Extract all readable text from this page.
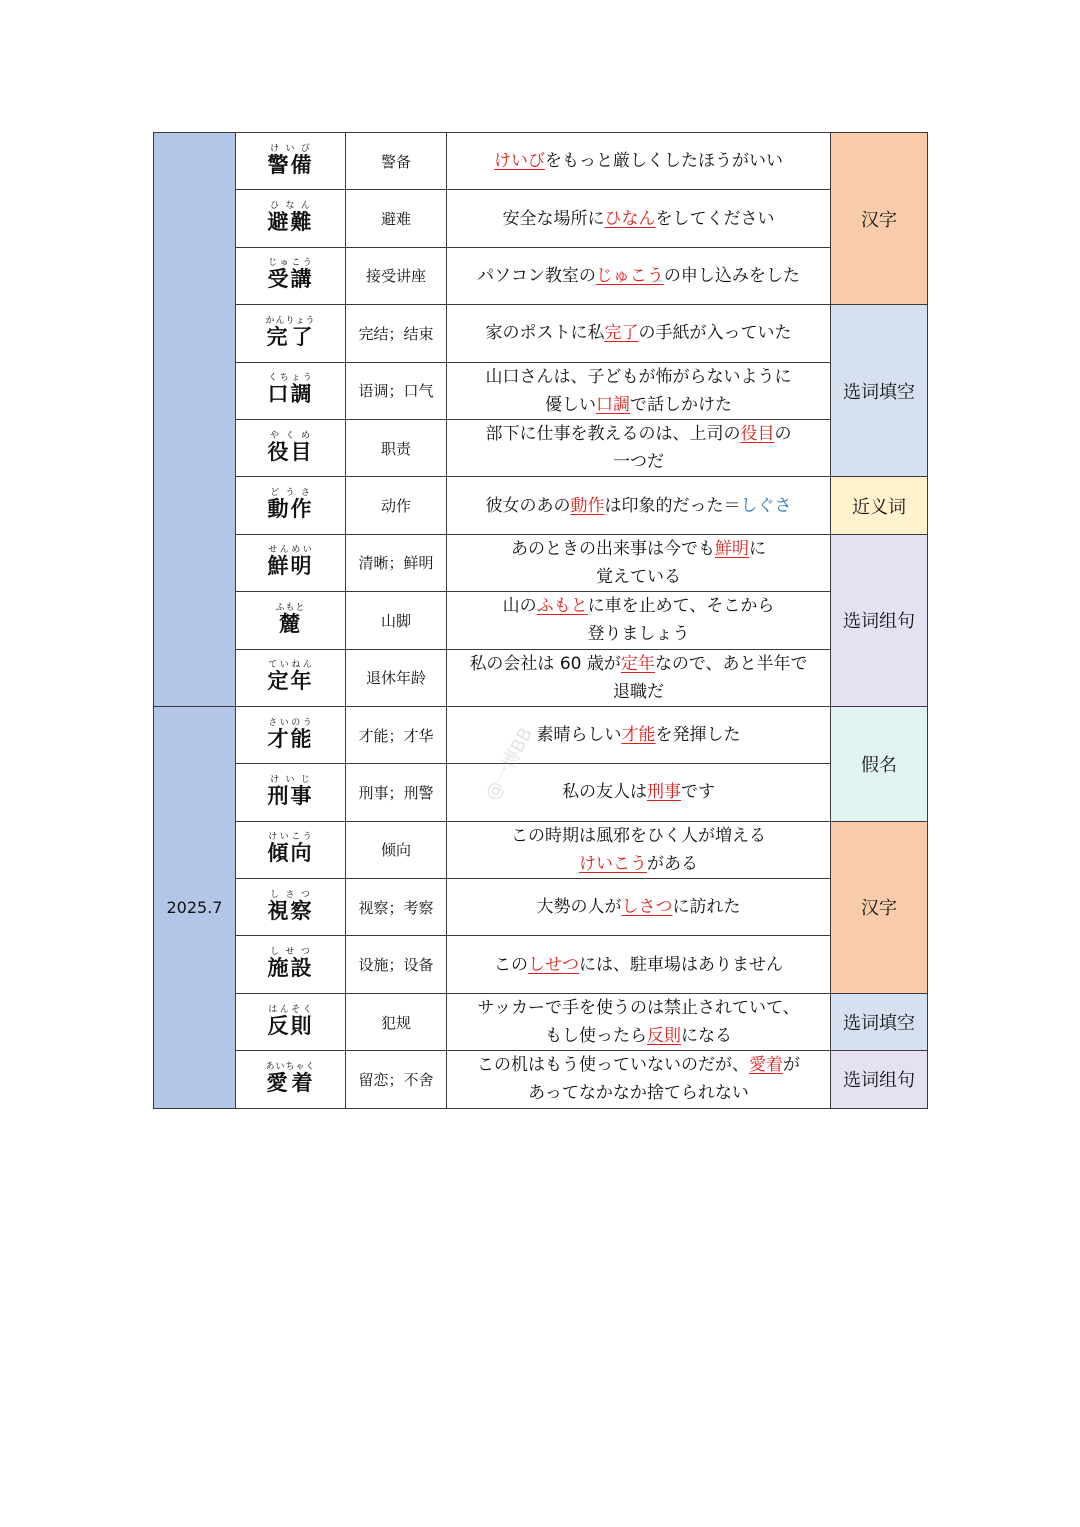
	警備けいび	警备	けいびをもっと厳しくしたほうがいい	汉字
	避難ひなん	避难	安全な場所にひなんをしてください	
	受講じゅこう	接受讲座	パソコン教室のじゅこうの申し込みをした	
	完了かんりょう	完结；结束	家のポストに私完了の手紙が入っていた	选词填空
	口調くちょう	语调；口气	山口さんは、子どもが怖がらないように
優しい口調で話しかけた	
	役目やくめ	职责	部下に仕事を教えるのは、上司の役目の
一つだ	
	動作どうさ	动作	彼女のあの動作は印象的だった＝しぐさ	近义词
	鮮明せんめい	清晰；鲜明	あのときの出来事は今でも鮮明に
覚えている	选词组句
	麓ふもと	山脚	山のふもとに車を止めて、そこから
登りましょう	
	定年ていねん	退休年龄	私の会社は 60 歳が定年なので、あと半年で
退職だ	
2025.7	才能さいのう	才能；才华	素晴らしい才能を発揮した	假名
	刑事けいじ	刑事；刑警	私の友人は刑事です	
	傾向けいこう	倾向	この時期は風邪をひく人が増える
けいこうがある	汉字
	視察しさつ	视察；考察	大勢の人がしさつに訪れた	
	施設しせつ	设施；设备	このしせつには、駐車場はありません	
	反則はんそく	犯规	サッカーで手を使うのは禁止されていて、
もし使ったら反則になる	选词填空
	愛着あいちゃく	留恋；不舍	この机はもう使っていないのだが、愛着が
あってなかなか捨てられない	选词组句
@一博BB
